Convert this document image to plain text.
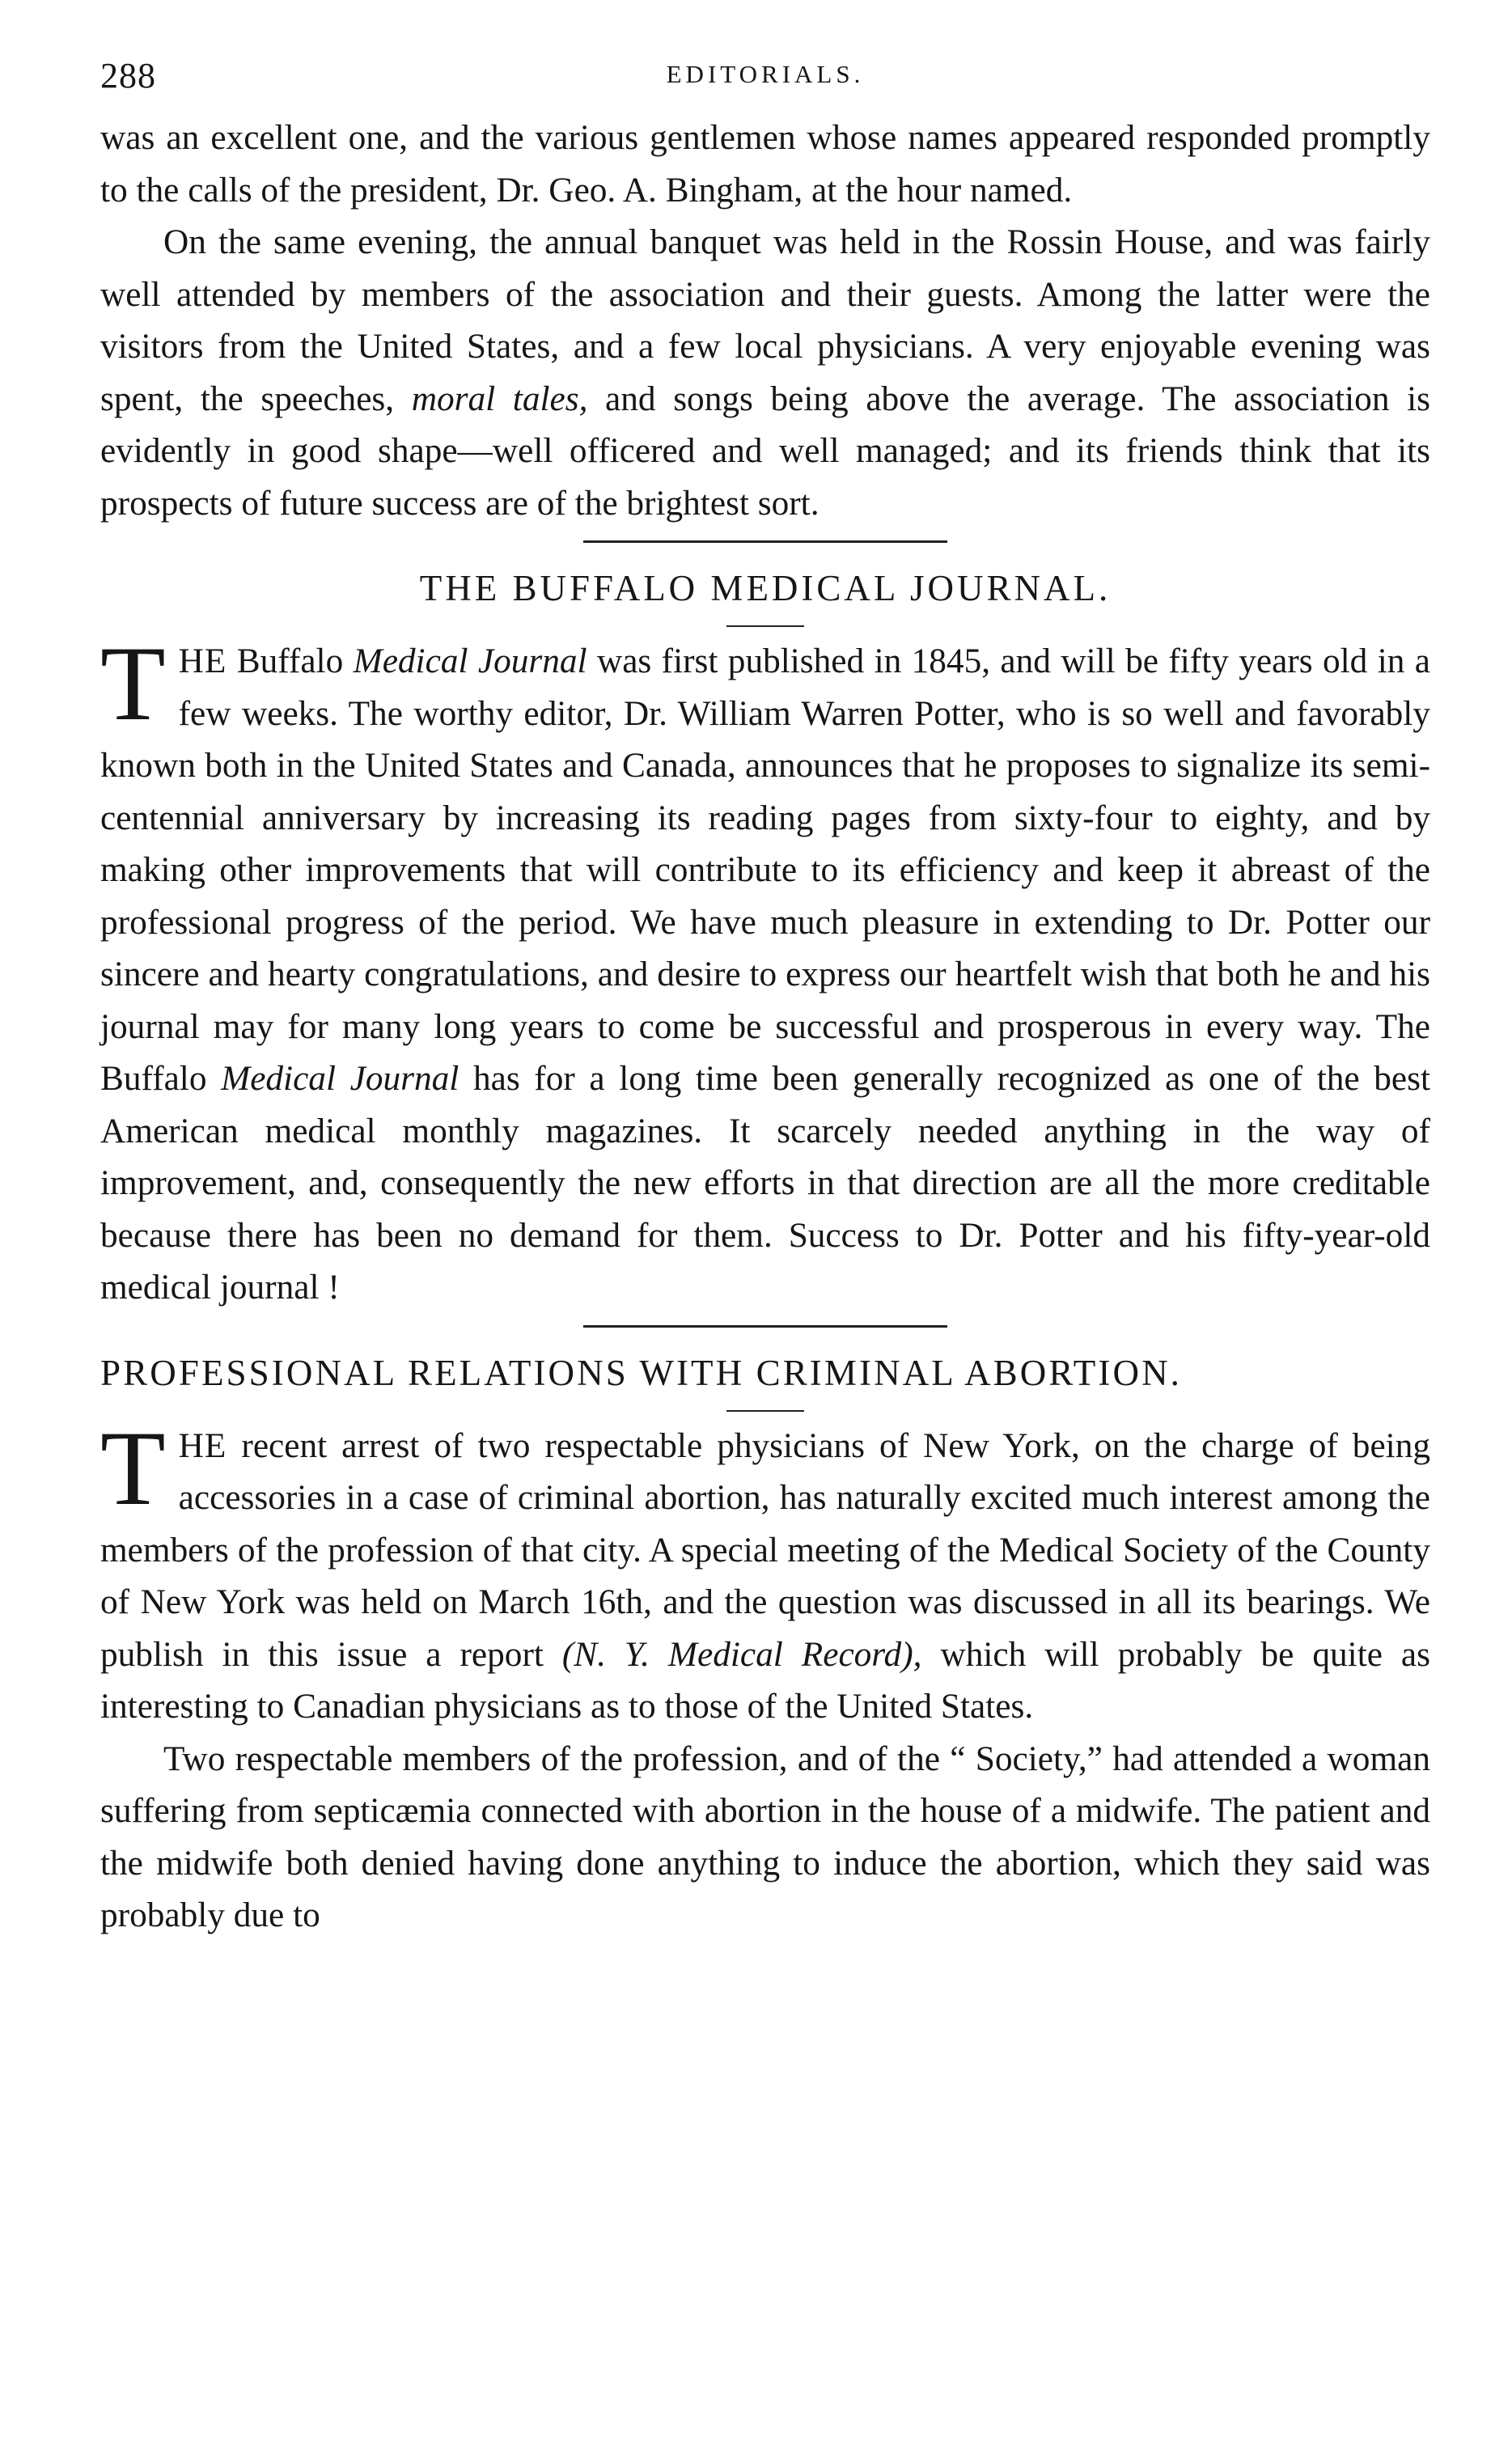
288	EDITORIALS.

was an excellent one, and the various gentlemen whose names appeared responded promptly to the calls of the president, Dr. Geo. A. Bingham, at the hour named.

On the same evening, the annual banquet was held in the Rossin House, and was fairly well attended by members of the association and their guests. Among the latter were the visitors from the United States, and a few local physicians. A very enjoyable evening was spent, the speeches, moral tales, and songs being above the average. The association is evidently in good shape—well officered and well managed; and its friends think that its prospects of future success are of the brightest sort.

THE BUFFALO MEDICAL JOURNAL.

THE Buffalo Medical Journal was first published in 1845, and will be fifty years old in a few weeks. The worthy editor, Dr. William Warren Potter, who is so well and favorably known both in the United States and Canada, announces that he proposes to signalize its semi-centennial anniversary by increasing its reading pages from sixty-four to eighty, and by making other improvements that will contribute to its efficiency and keep it abreast of the professional progress of the period. We have much pleasure in extending to Dr. Potter our sincere and hearty congratulations, and desire to express our heartfelt wish that both he and his journal may for many long years to come be successful and prosperous in every way. The Buffalo Medical Journal has for a long time been generally recognized as one of the best American medical monthly magazines. It scarcely needed anything in the way of improvement, and, consequently the new efforts in that direction are all the more creditable because there has been no demand for them. Success to Dr. Potter and his fifty-year-old medical journal !

PROFESSIONAL RELATIONS WITH CRIMINAL ABORTION.

THE recent arrest of two respectable physicians of New York, on the charge of being accessories in a case of criminal abortion, has naturally excited much interest among the members of the profession of that city. A special meeting of the Medical Society of the County of New York was held on March 16th, and the question was discussed in all its bearings. We publish in this issue a report (N. Y. Medical Record), which will probably be quite as interesting to Canadian physicians as to those of the United States.

Two respectable members of the profession, and of the “ Society,” had attended a woman suffering from septicæmia connected with abortion in the house of a midwife. The patient and the midwife both denied having done anything to induce the abortion, which they said was probably due to
